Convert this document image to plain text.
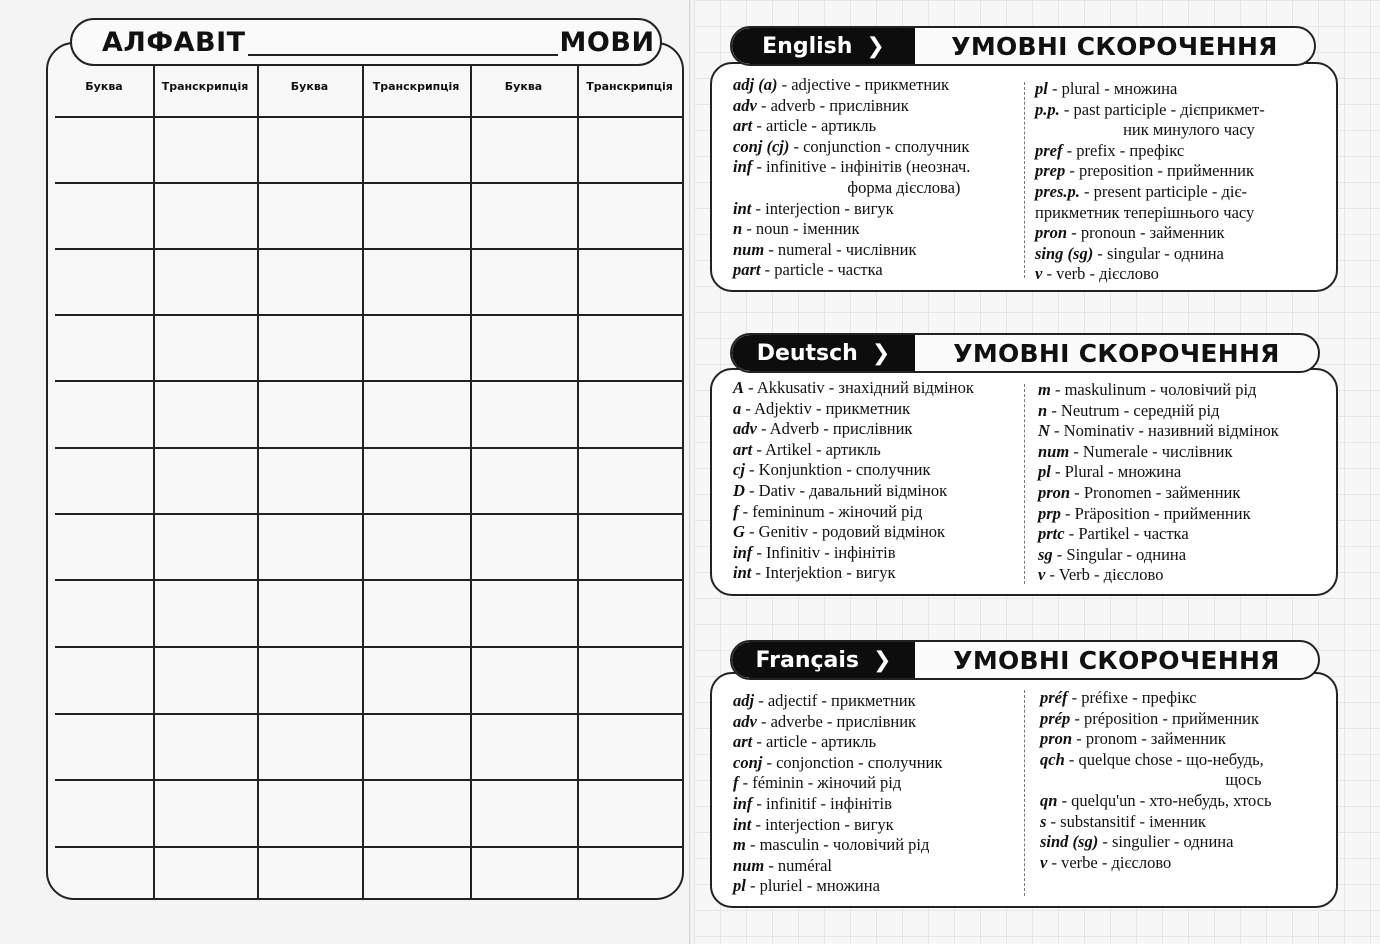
Буква	Транскрипція	Буква	Транскрипція	Буква	Транскрипція
АЛФАВІТ	МОВИ	English ❯	УМОВНІ СКОРОЧЕННЯ
adj (a) - adjective - прикметник
adv - adverb - прислівник
art - article - артикль
conj (cj) - conjunction - сполучник
inf - infinitive - інфінітів (неознач.
форма дієслова)
int - interjection - вигук
n - noun - іменник
num - numeral - числівник
part - particle - частка
pl - plural - множина
p.p. - past participle - дієприкмет-
ник минулого часу
pref - prefix - префікс
prep - preposition - прийменник
pres.p. - present participle - діє-
прикметник теперішнього часу
pron - pronoun - займенник
sing (sg) - singular - однина
v - verb - дієслово
Deutsch ❯	УМОВНІ СКОРОЧЕННЯ
A - Akkusativ - знахідний відмінок
a - Adjektiv - прикметник
adv - Adverb - прислівник
art - Artikel - артикль
cj - Konjunktion - сполучник
D - Dativ - давальний відмінок
f - femininum - жіночий рід
G - Genitiv - родовий відмінок
inf - Infinitiv - інфінітів
int - Interjektion - вигук
m - maskulinum - чоловічий рід
n - Neutrum - середній рід
N - Nominativ - називний відмінок
num - Numerale - числівник
pl - Plural - множина
pron - Pronomen - займенник
prp - Präposition - прийменник
prtc - Partikel - частка
sg - Singular - однина
v - Verb - дієслово
Français ❯	УМОВНІ СКОРОЧЕННЯ
adj - adjectif - прикметник
adv - adverbe - прислівник
art - article - артикль
conj - conjonction - сполучник
f - féminin - жіночий рід
inf - infinitif - інфінітів
int - interjection - вигук
m - masculin - чоловічий рід
num - numéral
pl - pluriel - множина
préf - préfixe - префікс
prép - préposition - прийменник
pron - pronom - займенник
qch - quelque chose - що-небудь,
щось
qn - quelqu'un - хто-небудь, хтось
s - substansitif - іменник
sind (sg) - singulier - однина
v - verbe - дієслово
